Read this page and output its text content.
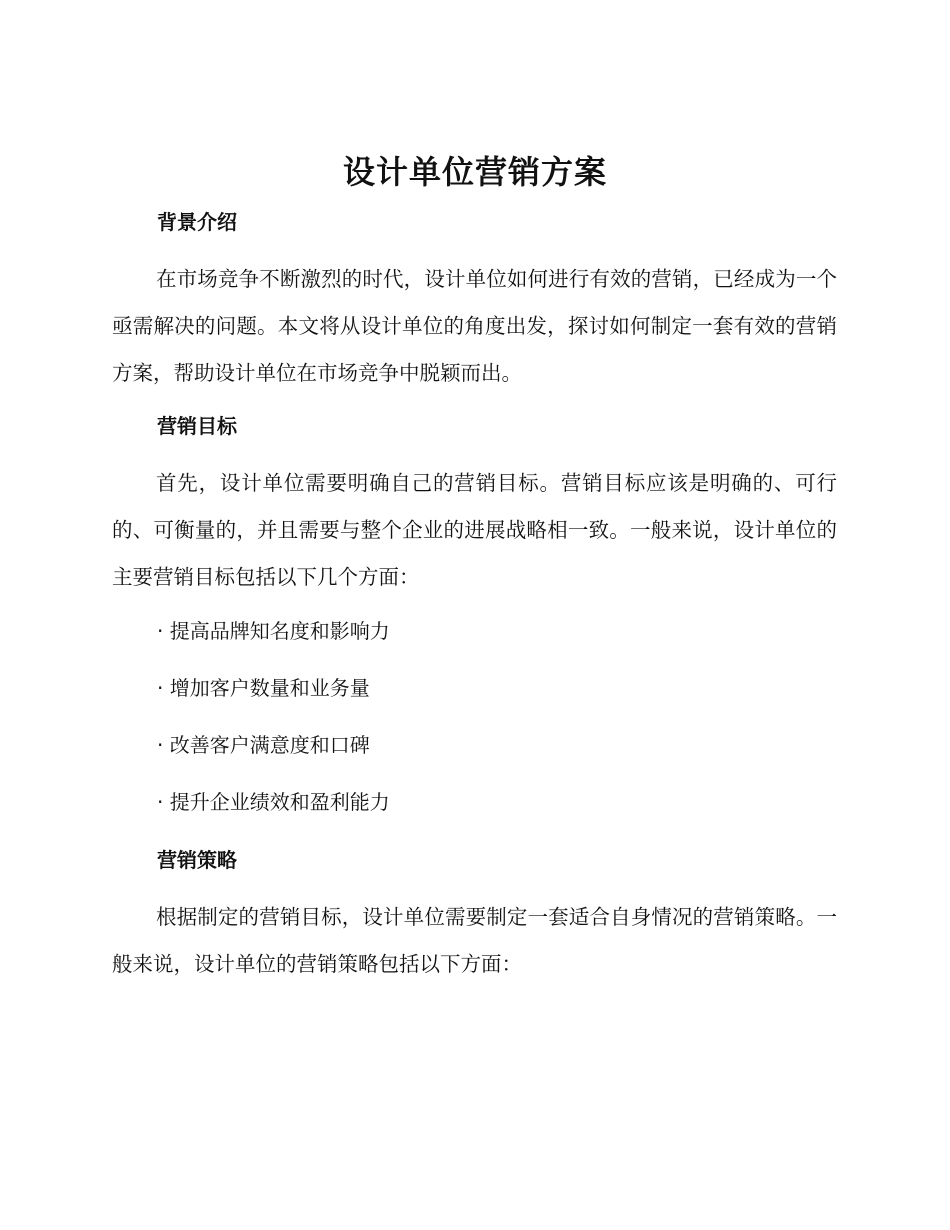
设计单位营销方案
背景介绍

在市场竞争不断激烈的时代，设计单位如何进行有效的营销，已经成为一个亟需解决的问题。本文将从设计单位的角度出发，探讨如何制定一套有效的营销方案，帮助设计单位在市场竞争中脱颖而出。

营销目标

首先，设计单位需要明确自己的营销目标。营销目标应该是明确的、可行的、可衡量的，并且需要与整个企业的进展战略相一致。一般来说，设计单位的主要营销目标包括以下几个方面：

· 提高品牌知名度和影响力
· 增加客户数量和业务量
· 改善客户满意度和口碑
· 提升企业绩效和盈利能力
营销策略

根据制定的营销目标，设计单位需要制定一套适合自身情况的营销策略。一般来说，设计单位的营销策略包括以下方面：
